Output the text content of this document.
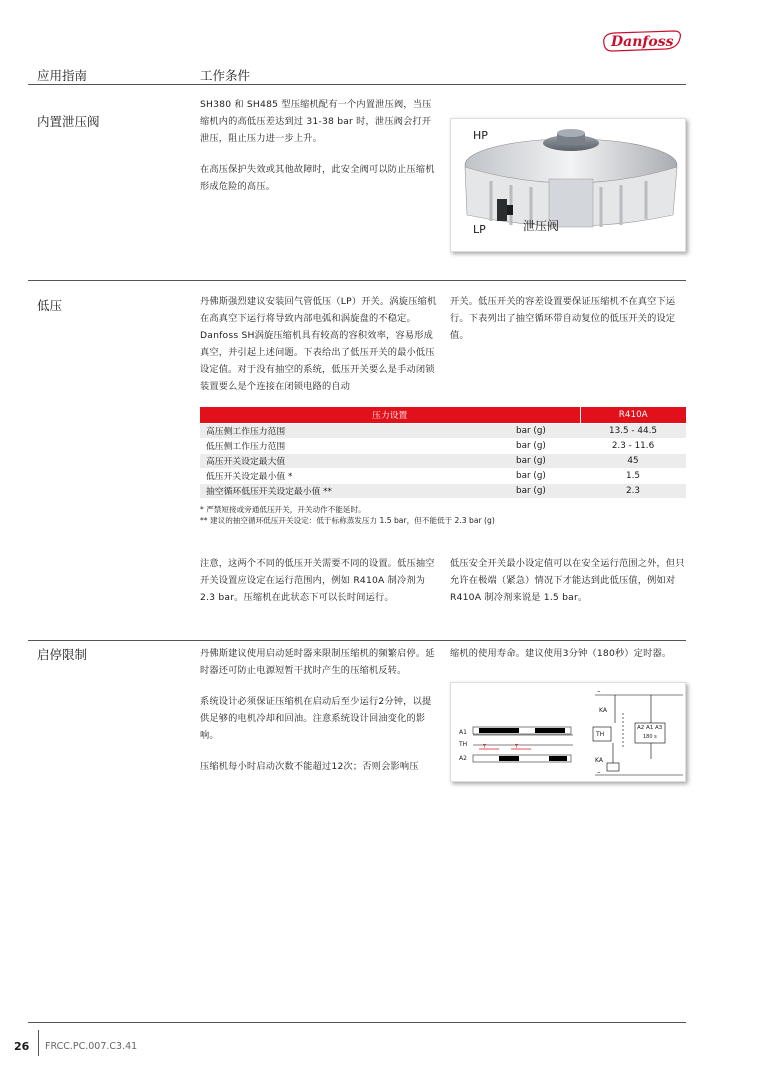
Danfoss
应用指南	工作条件
内置泄压阀

SH380 和 SH485 型压缩机配有一个内置泄压阀，当压缩机内的高低压差达到过 31-38 bar 时，泄压阀会打开泄压，阻止压力进一步上升。

在高压保护失效或其他故障时，此安全阀可以防止压缩机形成危险的高压。

HP
LP	泄压阀
低压	丹佛斯强烈建议安装回气管低压（LP）开关。涡旋压缩机在高真空下运行将导致内部电弧和涡旋盘的不稳定。Danfoss SH涡旋压缩机具有较高的容积效率，容易形成真空，并引起上述问题。下表给出了低压开关的最小低压设定值。对于没有抽空的系统，低压开关要么是手动闭锁装置要么是个连接在闭锁电路的自动
开关。低压开关的容差设置要保证压缩机不在真空下运行。下表列出了抽空循环带自动复位的低压开关的设定值。
压力设置		R410A
高压侧工作压力范围	bar (g)	13.5 - 44.5
低压侧工作压力范围	bar (g)	2.3 - 11.6
高压开关设定最大值	bar (g)	45
低压开关设定最小值 *	bar (g)	1.5
抽空循环低压开关设定最小值 **	bar (g)	2.3
* 严禁短接或旁通低压开关，开关动作不能延时。
** 建议的抽空循环低压开关设定：低于标称蒸发压力 1.5 bar，但不能低于 2.3 bar (g)
注意，这两个不同的低压开关需要不同的设置。低压抽空开关设置应设定在运行范围内，例如 R410A 制冷剂为 2.3 bar。压缩机在此状态下可以长时间运行。
低压安全开关最小设定值可以在安全运行范围之外，但只允许在极端（紧急）情况下才能达到此低压值，例如对 R410A 制冷剂来说是 1.5 bar。
启停限制	丹佛斯建议使用启动延时器来限制压缩机的频繁启停。延时器还可防止电源短暂干扰时产生的压缩机反转。

系统设计必须保证压缩机在启动后至少运行2分钟，以提供足够的电机冷却和回油。注意系统设计回油变化的影响。

压缩机每小时启动次数不能超过12次；否则会影响压

缩机的使用寿命。建议使用3分钟（180秒）定时器。
A1
TH
A2
T	T
–
KA
TH
A2 A1 A3
180 s
KA
–
26 FRCC.PC.007.C3.41
